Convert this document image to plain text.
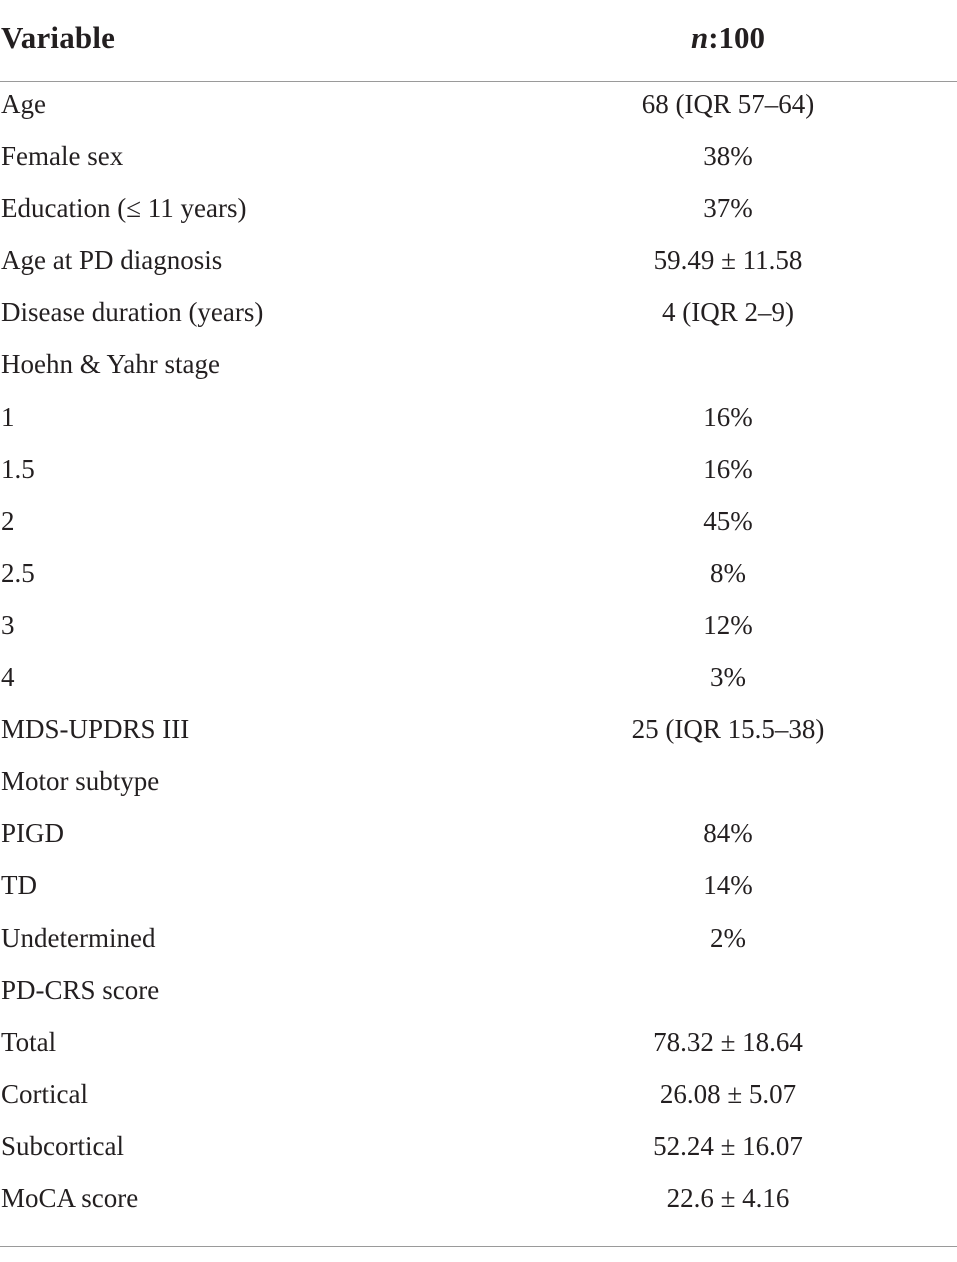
Variable	n:100
Age	68 (IQR 57–64)
Female sex	38%
Education (≤ 11 years)	37%
Age at PD diagnosis	59.49 ± 11.58
Disease duration (years)	4 (IQR 2–9)
Hoehn & Yahr stage
1	16%
1.5	16%
2	45%
2.5	8%
3	12%
4	3%
MDS-UPDRS III	25 (IQR 15.5–38)
Motor subtype
PIGD	84%
TD	14%
Undetermined	2%
PD-CRS score
Total	78.32 ± 18.64
Cortical	26.08 ± 5.07
Subcortical	52.24 ± 16.07
MoCA score	22.6 ± 4.16
